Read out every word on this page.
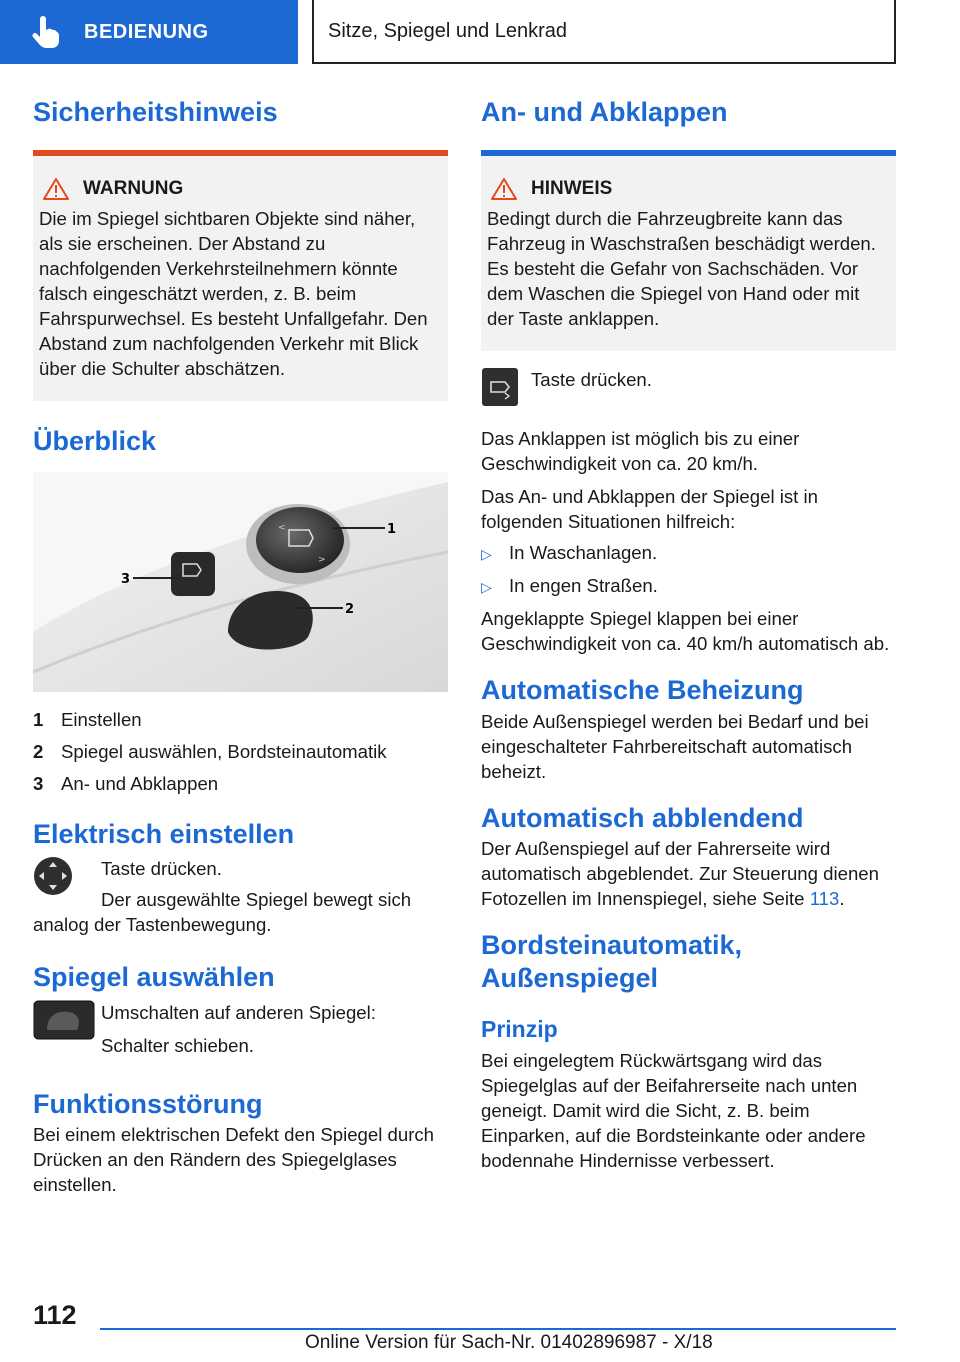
BEDIENUNG	Sitze, Spiegel und Lenkrad
Sicherheitshinweis
WARNUNG
Die im Spiegel sichtbaren Objekte sind näher, als sie erscheinen. Der Abstand zu nachfolgenden Verkehrsteilnehmern könnte falsch eingeschätzt werden, z. B. beim Fahrspurwechsel. Es besteht Unfallgefahr. Den Abstand zum nachfolgenden Verkehr mit Blick über die Schulter abschätzen.
Überblick
<
>
1
2
3
1 Einstellen
2 Spiegel auswählen, Bordsteinautomatik
3 An- und Abklappen
Elektrisch einstellen
Taste drücken.
Der ausgewählte Spiegel bewegt sich analog der Tastenbewegung.
Spiegel auswählen
Umschalten auf anderen Spiegel:
Schalter schieben.
Funktionsstörung
Bei einem elektrischen Defekt den Spiegel durch Drücken an den Rändern des Spiegelglases einstellen.
An- und Abklappen
HINWEIS
Bedingt durch die Fahrzeugbreite kann das Fahrzeug in Waschstraßen beschädigt werden. Es besteht die Gefahr von Sachschäden. Vor dem Waschen die Spiegel von Hand oder mit der Taste anklappen.
Taste drücken.
Das Anklappen ist möglich bis zu einer Geschwindigkeit von ca. 20 km/h.
Das An- und Abklappen der Spiegel ist in folgenden Situationen hilfreich:
▷ In Waschanlagen.
▷ In engen Straßen.
Angeklappte Spiegel klappen bei einer Geschwindigkeit von ca. 40 km/h automatisch ab.
Automatische Beheizung
Beide Außenspiegel werden bei Bedarf und bei eingeschalteter Fahrbereitschaft automatisch beheizt.
Automatisch abblendend
Der Außenspiegel auf der Fahrerseite wird automatisch abgeblendet. Zur Steuerung dienen Fotozellen im Innenspiegel, siehe Seite 113.
Bordsteinautomatik,
Außenspiegel
Prinzip
Bei eingelegtem Rückwärtsgang wird das Spiegelglas auf der Beifahrerseite nach unten geneigt. Damit wird die Sicht, z. B. beim Einparken, auf die Bordsteinkante oder andere bodennahe Hindernisse verbessert.
112
Online Version für Sach-Nr. 01402896987 - X/18
